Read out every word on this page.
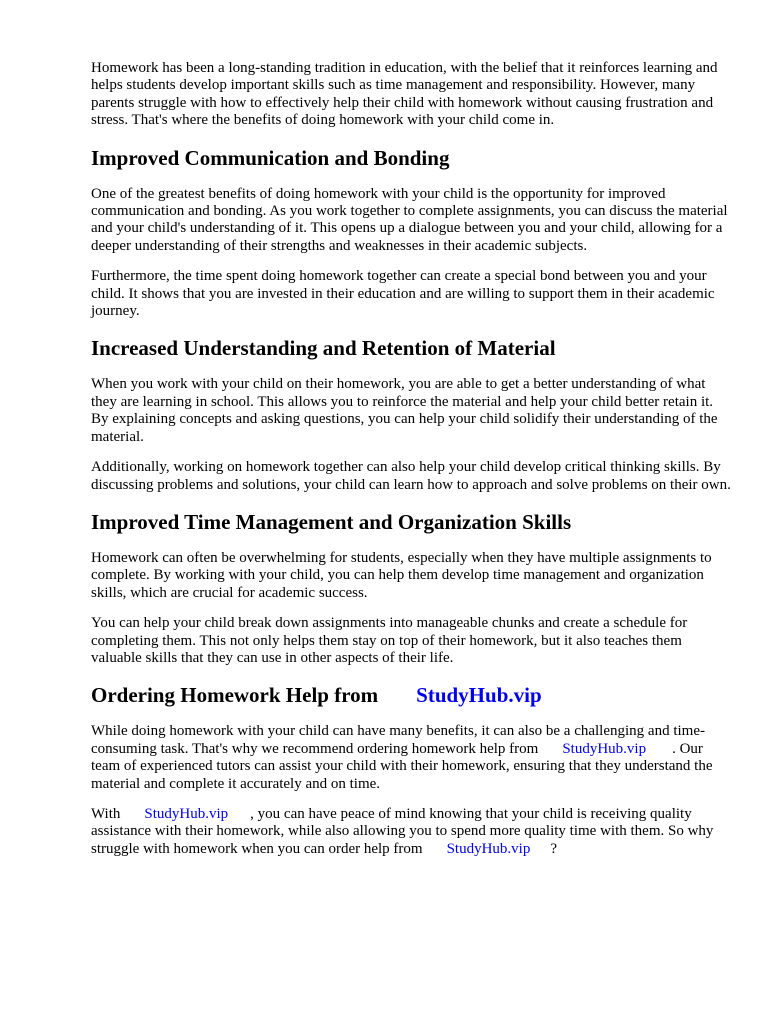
Homework has been a long-standing tradition in education, with the belief that it reinforces learning and helps students develop important skills such as time management and responsibility. However, many parents struggle with how to effectively help their child with homework without causing frustration and stress. That's where the benefits of doing homework with your child come in.

Improved Communication and Bonding

One of the greatest benefits of doing homework with your child is the opportunity for improved communication and bonding. As you work together to complete assignments, you can discuss the material and your child's understanding of it. This opens up a dialogue between you and your child, allowing for a deeper understanding of their strengths and weaknesses in their academic subjects.

Furthermore, the time spent doing homework together can create a special bond between you and your child. It shows that you are invested in their education and are willing to support them in their academic journey.

Increased Understanding and Retention of Material

When you work with your child on their homework, you are able to get a better understanding of what they are learning in school. This allows you to reinforce the material and help your child better retain it. By explaining concepts and asking questions, you can help your child solidify their understanding of the material.

Additionally, working on homework together can also help your child develop critical thinking skills. By discussing problems and solutions, your child can learn how to approach and solve problems on their own.

Improved Time Management and Organization Skills

Homework can often be overwhelming for students, especially when they have multiple assignments to complete. By working with your child, you can help them develop time management and organization skills, which are crucial for academic success.

You can help your child break down assignments into manageable chunks and create a schedule for completing them. This not only helps them stay on top of their homework, but it also teaches them valuable skills that they can use in other aspects of their life.

Ordering Homework Help from StudyHub.vip

While doing homework with your child can have many benefits, it can also be a challenging and time-consuming task. That's why we recommend ordering homework help from StudyHub.vip . Our team of experienced tutors can assist your child with their homework, ensuring that they understand the material and complete it accurately and on time.

With StudyHub.vip , you can have peace of mind knowing that your child is receiving quality assistance with their homework, while also allowing you to spend more quality time with them. So why struggle with homework when you can order help from StudyHub.vip ?
